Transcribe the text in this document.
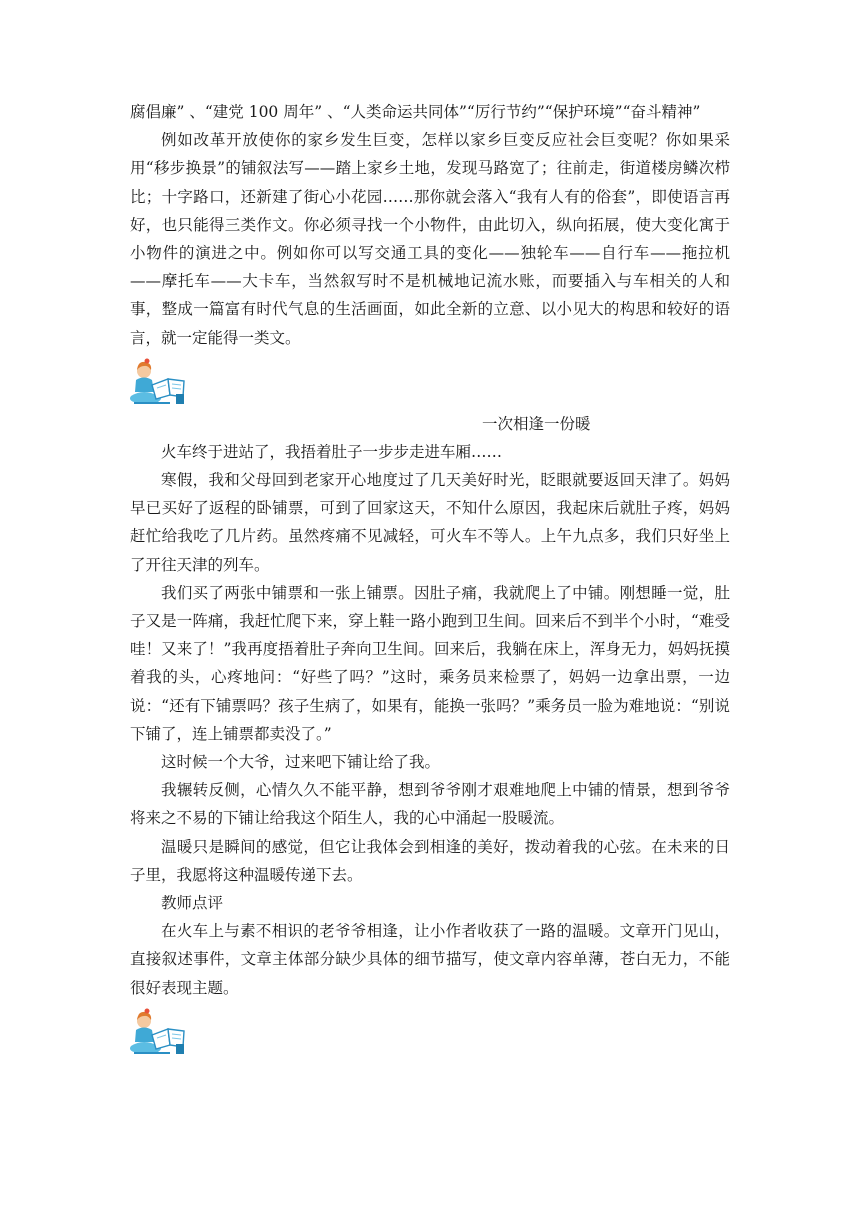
腐倡廉” 、“建党 100 周年” 、“人类命运共同体”“厉行节约”“保护环境”“奋斗精神”

例如改革开放使你的家乡发生巨变，怎样以家乡巨变反应社会巨变呢？你如果采用“移步换景”的铺叙法写——踏上家乡土地，发现马路宽了；往前走，街道楼房鳞次栉比；十字路口，还新建了街心小花园……那你就会落入“我有人有的俗套”，即使语言再好，也只能得三类作文。你必须寻找一个小物件，由此切入，纵向拓展，使大变化寓于小物件的演进之中。例如你可以写交通工具的变化——独轮车——自行车——拖拉机——摩托车——大卡车，当然叙写时不是机械地记流水账，而要插入与车相关的人和事，整成一篇富有时代气息的生活画面，如此全新的立意、以小见大的构思和较好的语言，就一定能得一类文。

一次相逢一份暖

火车终于进站了，我捂着肚子一步步走进车厢……

寒假，我和父母回到老家开心地度过了几天美好时光，眨眼就要返回天津了。妈妈早已买好了返程的卧铺票，可到了回家这天，不知什么原因，我起床后就肚子疼，妈妈赶忙给我吃了几片药。虽然疼痛不见减轻，可火车不等人。上午九点多，我们只好坐上了开往天津的列车。

我们买了两张中铺票和一张上铺票。因肚子痛，我就爬上了中铺。刚想睡一觉，肚子又是一阵痛，我赶忙爬下来，穿上鞋一路小跑到卫生间。回来后不到半个小时，“难受哇！又来了！”我再度捂着肚子奔向卫生间。回来后，我躺在床上，浑身无力，妈妈抚摸着我的头，心疼地问：“好些了吗？”这时，乘务员来检票了，妈妈一边拿出票，一边说：“还有下铺票吗？孩子生病了，如果有，能换一张吗？”乘务员一脸为难地说：“别说下铺了，连上铺票都卖没了。”

这时候一个大爷，过来吧下铺让给了我。

我辗转反侧，心情久久不能平静，想到爷爷刚才艰难地爬上中铺的情景，想到爷爷将来之不易的下铺让给我这个陌生人，我的心中涌起一股暖流。

温暖只是瞬间的感觉，但它让我体会到相逢的美好，拨动着我的心弦。在未来的日子里，我愿将这种温暖传递下去。

教师点评

在火车上与素不相识的老爷爷相逢，让小作者收获了一路的温暖。文章开门见山，直接叙述事件，文章主体部分缺少具体的细节描写，使文章内容单薄，苍白无力，不能很好表现主题。
